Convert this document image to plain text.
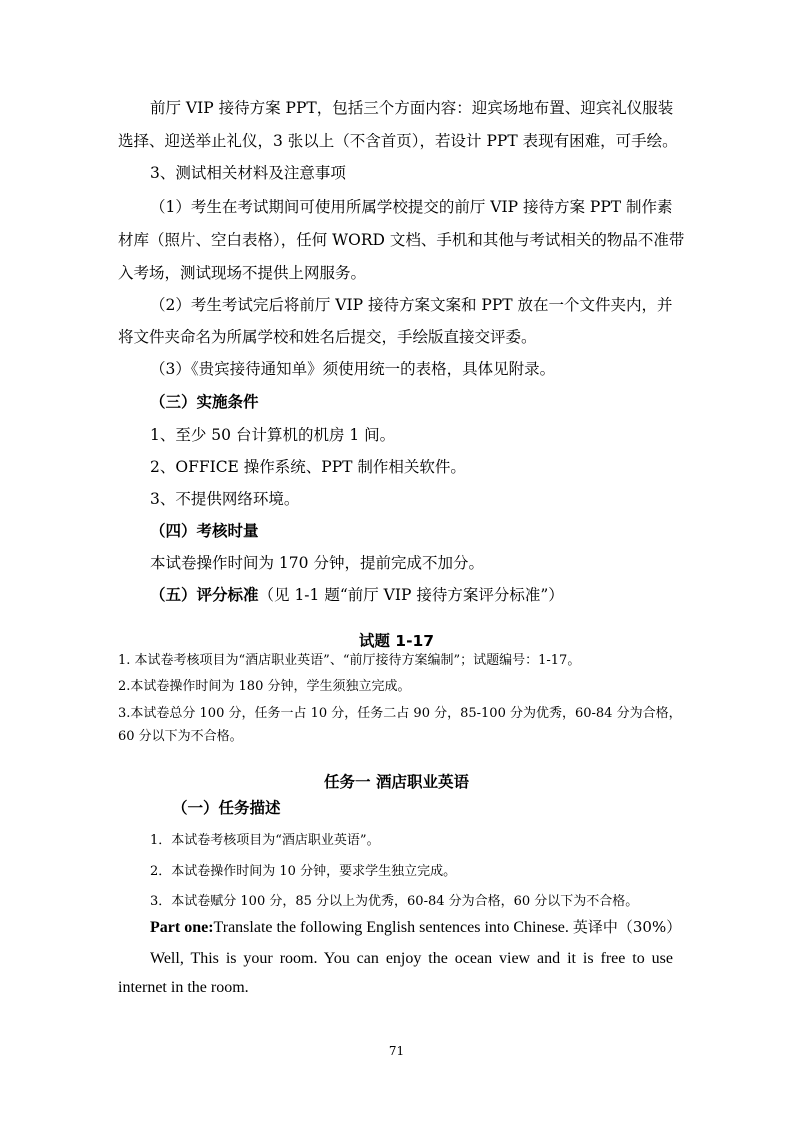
前厅 VIP 接待方案 PPT，包括三个方面内容：迎宾场地布置、迎宾礼仪服装
选择、迎送举止礼仪，3 张以上（不含首页），若设计 PPT 表现有困难，可手绘。
3、测试相关材料及注意事项
（1）考生在考试期间可使用所属学校提交的前厅 VIP 接待方案 PPT 制作素
材库（照片、空白表格），任何 WORD 文档、手机和其他与考试相关的物品不准带
入考场，测试现场不提供上网服务。
（2）考生考试完后将前厅 VIP 接待方案文案和 PPT 放在一个文件夹内，并
将文件夹命名为所属学校和姓名后提交，手绘版直接交评委。
（3）《贵宾接待通知单》须使用统一的表格，具体见附录。
（三）实施条件
1、至少 50 台计算机的机房 1 间。
2、OFFICE 操作系统、PPT 制作相关软件。
3、不提供网络环境。
（四）考核时量
本试卷操作时间为 170 分钟，提前完成不加分。
（五）评分标准（见 1-1 题“前厅 VIP 接待方案评分标准”）
试题 1-17
1. 本试卷考核项目为“酒店职业英语”、“前厅接待方案编制”；试题编号：1-17。
2.本试卷操作时间为 180 分钟，学生须独立完成。
3.本试卷总分 100 分，任务一占 10 分，任务二占 90 分，85-100 分为优秀，60-84 分为合格，
60 分以下为不合格。
任务一 酒店职业英语
（一）任务描述
1．本试卷考核项目为“酒店职业英语”。
2．本试卷操作时间为 10 分钟，要求学生独立完成。
3．本试卷赋分 100 分，85 分以上为优秀，60-84 分为合格，60 分以下为不合格。
Part one:Translate the following English sentences into Chinese. 英译中（30%）
Well, This is your room. You can enjoy the ocean view and it is free to use
internet in the room.
71
